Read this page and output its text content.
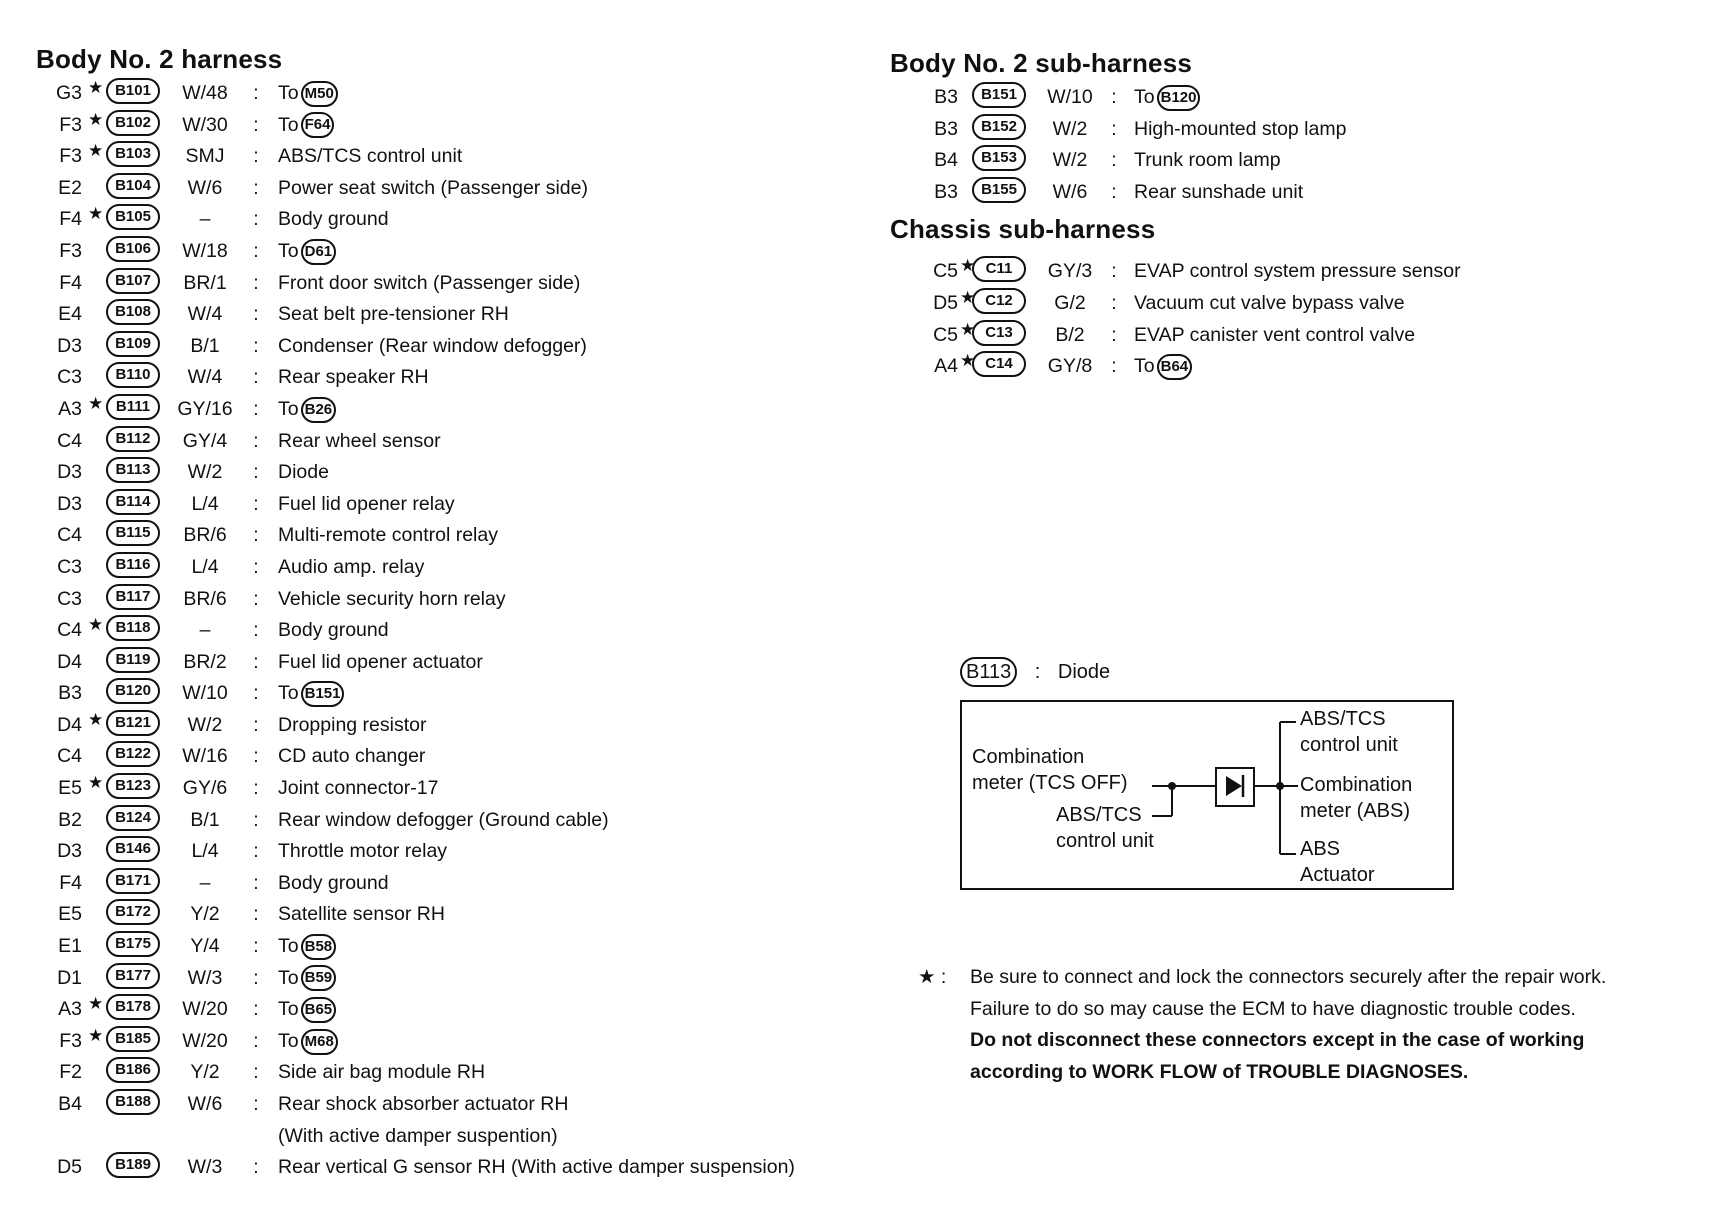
Body No. 2 harness
G3 ★ B101	W/48	: To M50
F3 ★ B102	W/30	: To F64
F3 ★ B103	SMJ	: ABS/TCS control unit
E2	B104	W/6	: Power seat switch (Passenger side)
F4 ★ B105	–	: Body ground
F3	B106	W/18	: To D61
F4	B107	BR/1	: Front door switch (Passenger side)
E4	B108	W/4	: Seat belt pre-tensioner RH
D3	B109	B/1	: Condenser (Rear window defogger)
C3	B110	W/4	: Rear speaker RH
A3 ★ B111	GY/16	: To B26
C4	B112	GY/4	: Rear wheel sensor
D3	B113	W/2	: Diode
D3	B114	L/4	: Fuel lid opener relay
C4	B115	BR/6	: Multi-remote control relay
C3	B116	L/4	: Audio amp. relay
C3	B117	BR/6	: Vehicle security horn relay
C4 ★ B118	–	: Body ground
D4	B119	BR/2	: Fuel lid opener actuator
B3	B120	W/10	: To B151
D4 ★ B121	W/2	: Dropping resistor
C4	B122	W/16	: CD auto changer
E5 ★ B123	GY/6	: Joint connector-17
B2	B124	B/1	: Rear window defogger (Ground cable)
D3	B146	L/4	: Throttle motor relay
F4	B171	–	: Body ground
E5	B172	Y/2	: Satellite sensor RH
E1	B175	Y/4	: To B58
D1	B177	W/3	: To B59
A3 ★ B178	W/20	: To B65
F3 ★ B185	W/20	: To M68
F2	B186	Y/2	: Side air bag module RH
B4	B188	W/6	: Rear shock absorber actuator RH
(With active damper suspention)
D5	B189	W/3	: Rear vertical G sensor RH (With active damper suspension)
Body No. 2 sub-harness
B3	B151	W/10 : To B120
B3	B152	W/2	: High-mounted stop lamp
B4	B153	W/2	: Trunk room lamp
B3	B155	W/6	: Rear sunshade unit
Chassis sub-harness
C5 ★ C11	GY/3 : EVAP control system pressure sensor
D5 ★ C12	G/2	: Vacuum cut valve bypass valve
C5 ★ C13	B/2	: EVAP canister vent control valve
A4 ★ C14	GY/8 : To B64
B113 : Diode
Combination
meter (TCS OFF)
ABS/TCS
control unit
ABS/TCS
control unit
Combination
meter (ABS)
ABS
Actuator
★ : Be sure to connect and lock the connectors securely after the repair work.
Failure to do so may cause the ECM to have diagnostic trouble codes.
Do not disconnect these connectors except in the case of working
according to WORK FLOW of TROUBLE DIAGNOSES.
